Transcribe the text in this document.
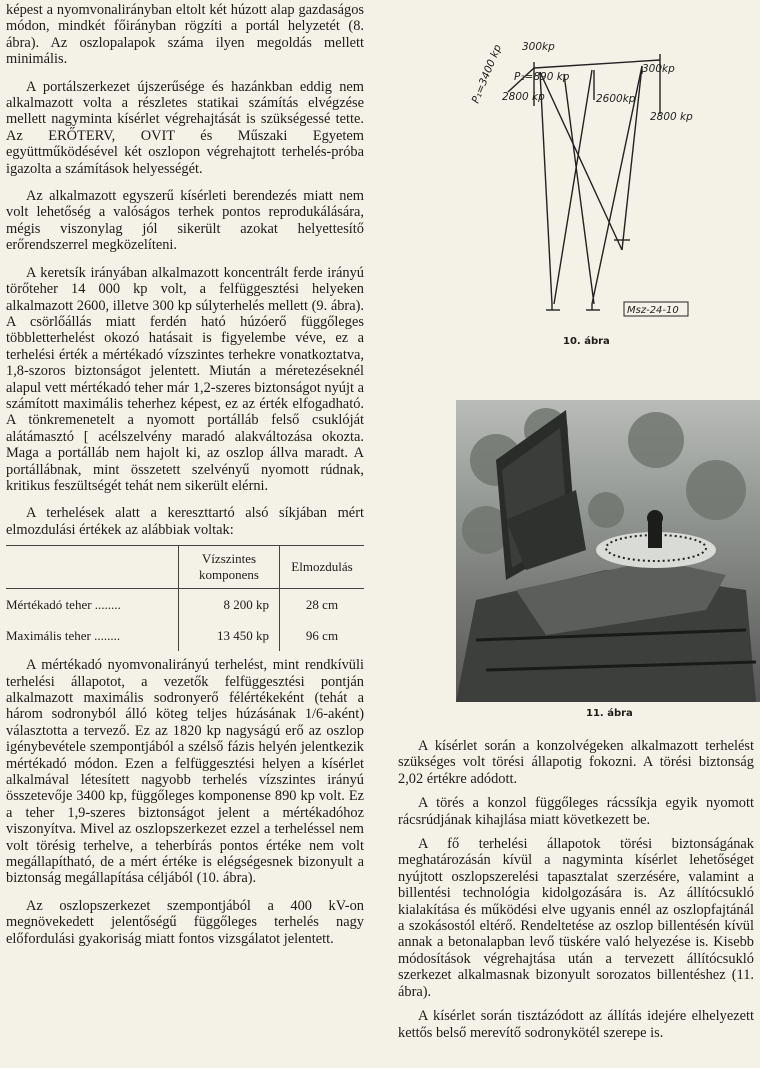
képest a nyomvonalirányban eltolt két húzott alap gazdaságos módon, mindkét főirányban rögzíti a portál helyzetét (8. ábra). Az oszlopalapok száma ilyen megoldás mellett minimális.

A portálszerkezet újszerűsége és hazánkban eddig nem alkalmazott volta a részletes statikai számítás elvégzése mellett nagyminta kísérlet végrehajtását is szükségessé tette. Az ERŐTERV, OVIT és Műszaki Egyetem együttműködésével két oszlopon végrehajtott terhelés-próba igazolta a számítások helyességét.

Az alkalmazott egyszerű kísérleti berendezés miatt nem volt lehetőség a valóságos terhek pontos reprodukálására, mégis viszonylag jól sikerült azokat helyettesítő erőrendszerrel megközelíteni.

A keretsík irányában alkalmazott koncentrált ferde irányú törőteher 14 000 kp volt, a felfüggesztési helyeken alkalmazott 2600, illetve 300 kp súlyterhelés mellett (9. ábra). A csörlőállás miatt ferdén ható húzóerő függőleges többletterhelést okozó hatásait is figyelembe véve, ez a terhelési érték a mértékadó vízszintes terhekre vonatkoztatva, 1,8-szoros biztonságot jelentett. Miután a méretezéseknél alapul vett mértékadó teher már 1,2-szeres biztonságot nyújt a számított maximális teherhez képest, ez az érték elfogadható. A tönkremenetelt a nyomott portálláb felső csuklóját alátámasztó [ acélszelvény maradó alakváltozása okozta. Maga a portálláb nem hajolt ki, az oszlop állva maradt. A portállábnak, mint összetett szelvényű nyomott rúdnak, kritikus feszültségét tehát nem sikerült elérni.

A terhelések alatt a kereszttartó alsó síkjában mért elmozdulási értékek az alábbiak voltak:

	Vízszintes komponens	Elmozdulás
Mértékadó teher ........	8 200 kp	28 cm
Maximális teher ........	13 450 kp	96 cm

A mértékadó nyomvonalirányú terhelést, mint rendkívüli terhelési állapotot, a vezetők felfüggesztési pontján alkalmazott maximális sodronyerő félértékeként (tehát a három sodronyból álló köteg teljes húzásának 1/6-aként) választotta a tervező. Ez az 1820 kp nagyságú erő az oszlop igénybevétele szempontjából a szélső fázis helyén jelentkezik mértékadó módon. Ezen a felfüggesztési helyen a kísérlet alkalmával létesített nagyobb terhelés vízszintes irányú összetevője 3400 kp, függőleges komponense 890 kp volt. Ez a teher 1,9-szeres biztonságot jelent a mértékadóhoz viszonyítva. Mivel az oszlopszerkezet ezzel a terheléssel nem volt törésig terhelve, a teherbírás pontos értéke nem volt megállapítható, de a mért értéke is elégségesnek bizonyult a biztonság megállapítása céljából (10. ábra).

Az oszlopszerkezet szempontjából a 400 kV-on megnövekedett jelentőségű függőleges terhelés nagy előfordulási gyakoriság miatt fontos vizsgálatot jelentett.

P₁=3400 kp P₂=890 kp
300kp
300kp
2800 kp	2600kp
2800 kp
Msz-24-10
10. ábra
11. ábra

A kísérlet során a konzolvégeken alkalmazott terhelést szükséges volt törési állapotig fokozni. A törési biztonság 2,02 értékre adódott.

A törés a konzol függőleges rácssíkja egyik nyomott rácsrúdjának kihajlása miatt következett be.

A fő terhelési állapotok törési biztonságának meghatározásán kívül a nagyminta kísérlet lehetőséget nyújtott oszlopszerelési tapasztalat szerzésére, valamint a billentési technológia kidolgozására is. Az állítócsukló kialakítása és működési elve ugyanis ennél az oszlopfajtánál a szokásostól eltérő. Rendeltetése az oszlop billentésén kívül annak a betonalapban levő tüskére való helyezése is. Kisebb módosítások végrehajtása után a tervezett állítócsukló szerkezet alkalmasnak bizonyult sorozatos billentéshez (11. ábra).

A kísérlet során tisztázódott az állítás idejére elhelyezett kettős belső merevítő sodronykötél szerepe is.
